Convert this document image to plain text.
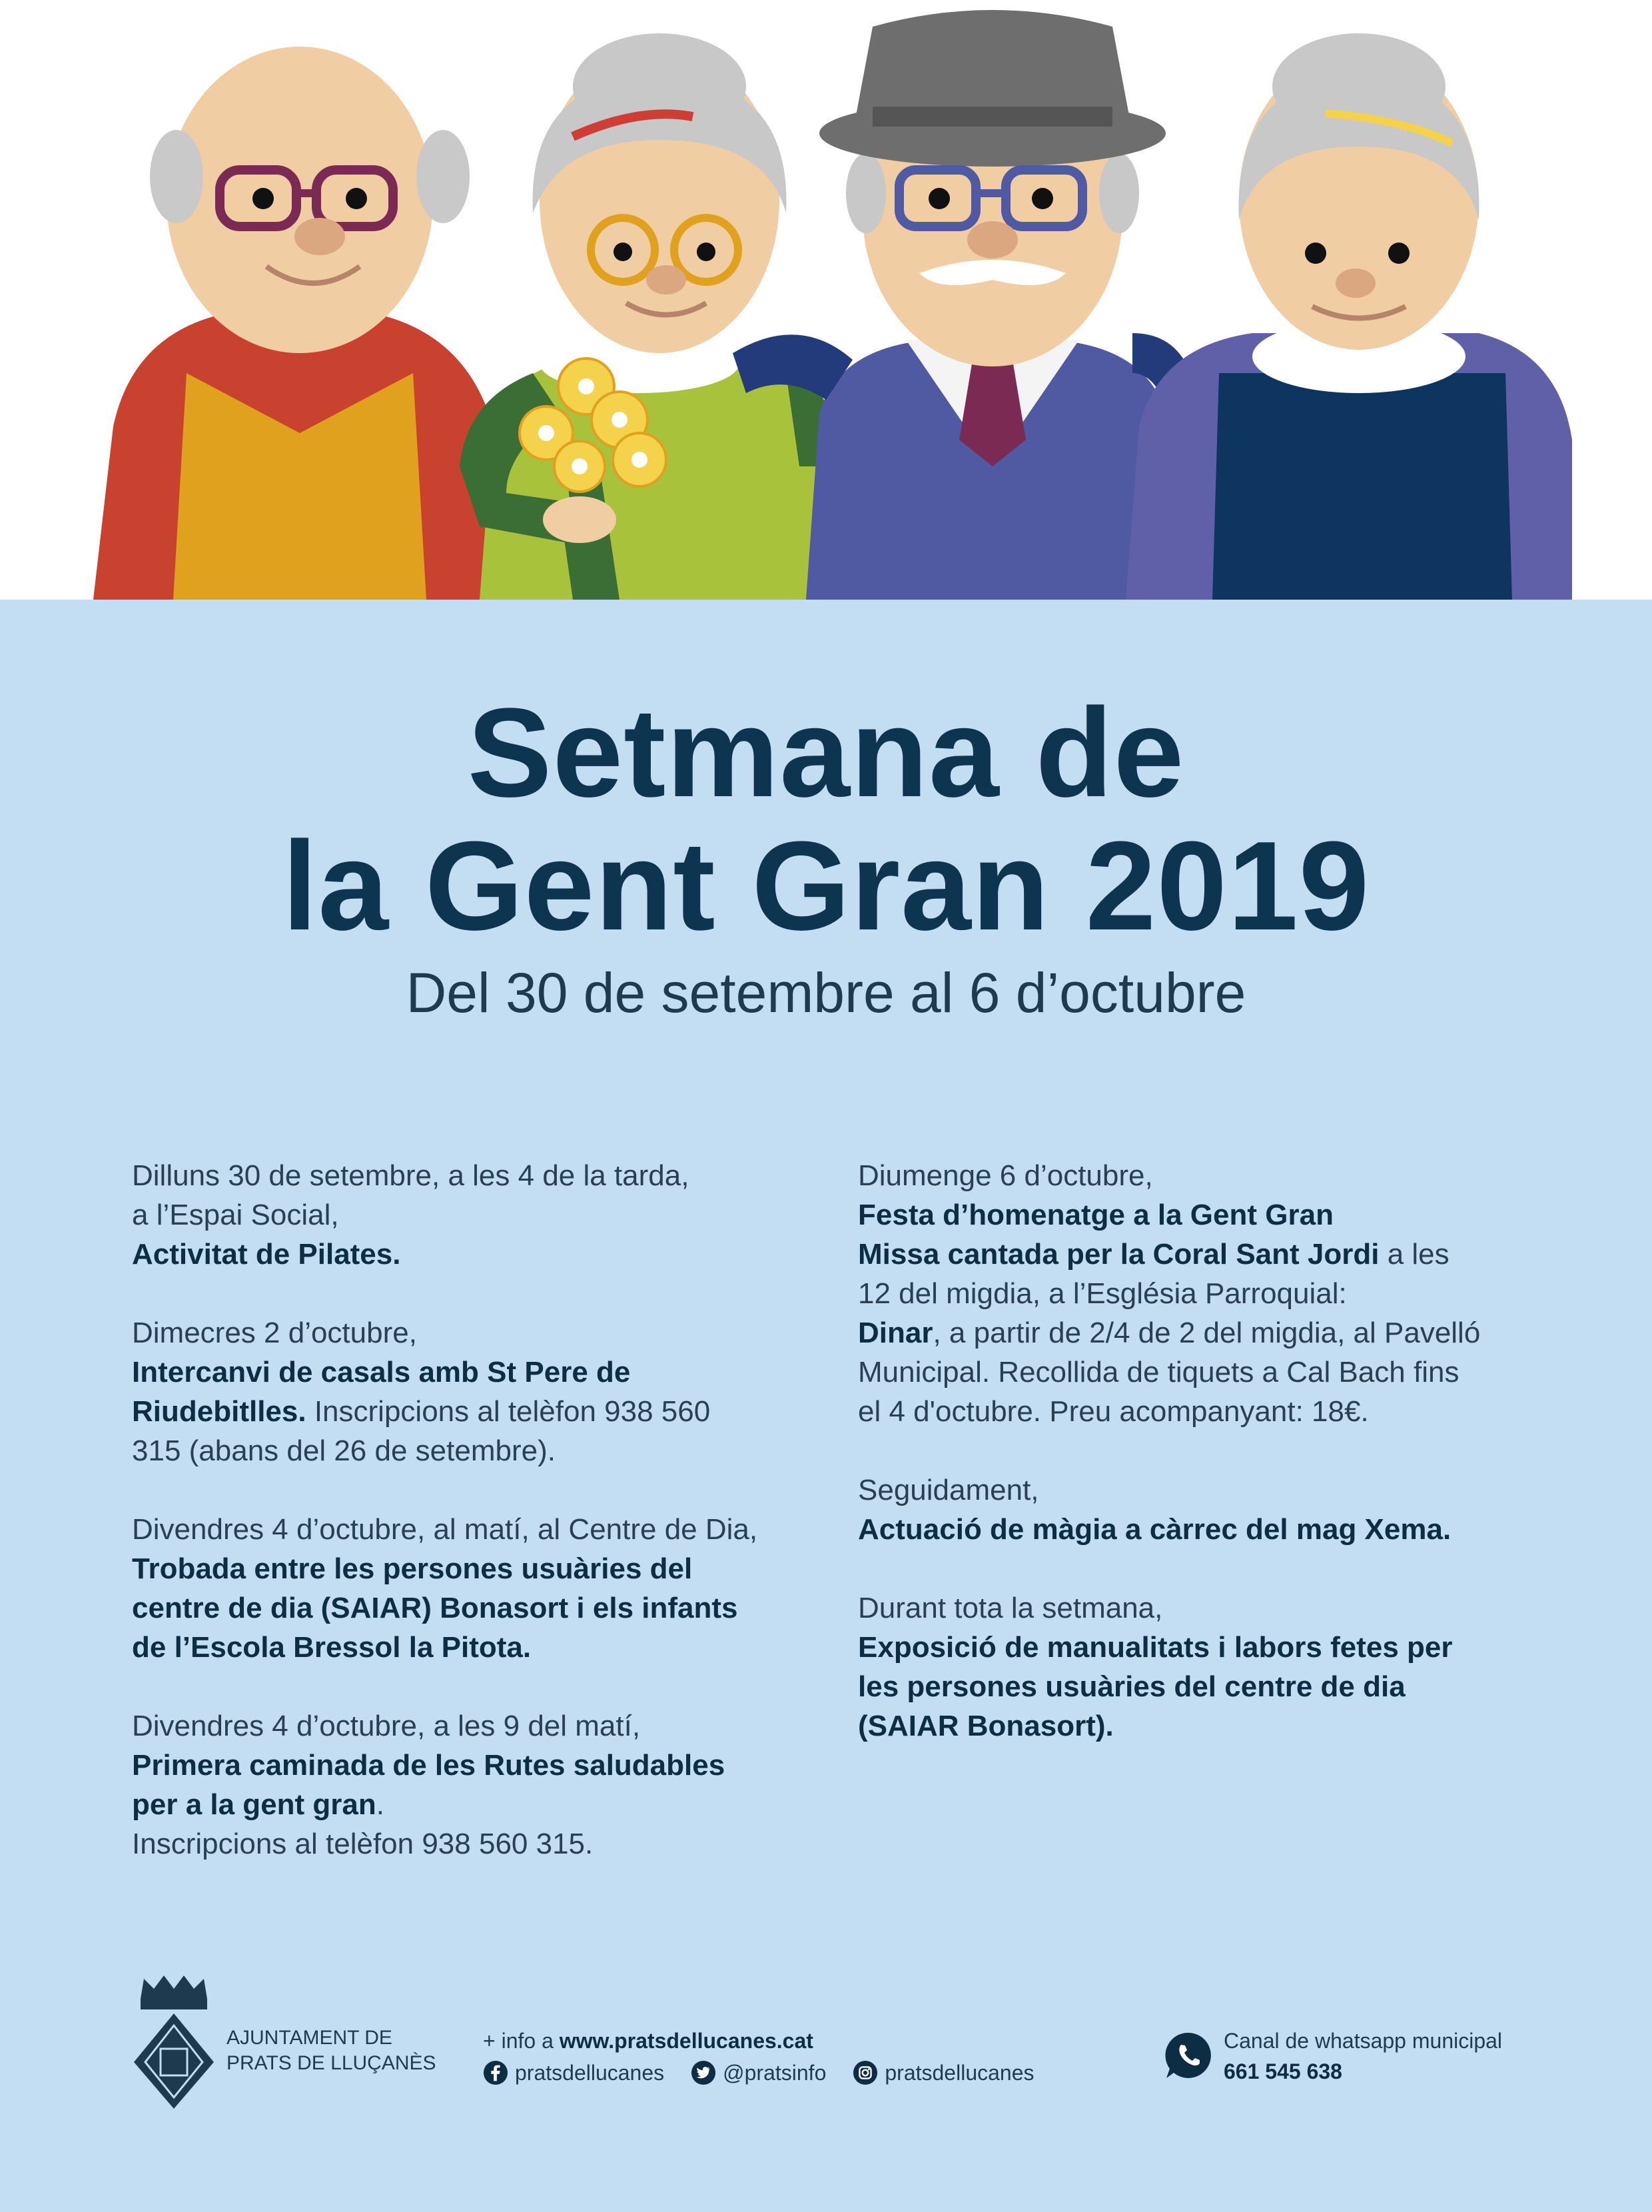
Setmana de
la Gent Gran 2019
Del 30 de setembre al 6 d’octubre
Dilluns 30 de setembre, a les 4 de la tarda,
a l’Espai Social,
Activitat de Pilates.
Dimecres 2 d’octubre,
Intercanvi de casals amb St Pere de
Riudebitlles. Inscripcions al telèfon 938 560
315 (abans del 26 de setembre).
Divendres 4 d’octubre, al matí, al Centre de Dia,
Trobada entre les persones usuàries del
centre de dia (SAIAR) Bonasort i els infants
de l’Escola Bressol la Pitota.
Divendres 4 d’octubre, a les 9 del matí,
Primera caminada de les Rutes saludables
per a la gent gran.
Inscripcions al telèfon 938 560 315.
Diumenge 6 d’octubre,
Festa d’homenatge a la Gent Gran
Missa cantada per la Coral Sant Jordi a les
12 del migdia, a l’Església Parroquial:
Dinar, a partir de 2/4 de 2 del migdia, al Pavelló
Municipal. Recollida de tiquets a Cal Bach fins
el 4 d'octubre. Preu acompanyant: 18€.
Seguidament,
Actuació de màgia a càrrec del mag Xema.
Durant tota la setmana,
Exposició de manualitats i labors fetes per
les persones usuàries del centre de dia
(SAIAR Bonasort).
AJUNTAMENT DE
PRATS DE LLUÇANÈS
+ info a www.pratsdellucanes.cat
pratsdellucanes	@pratsinfo	pratsdellucanes
Canal de whatsapp municipal
661 545 638
